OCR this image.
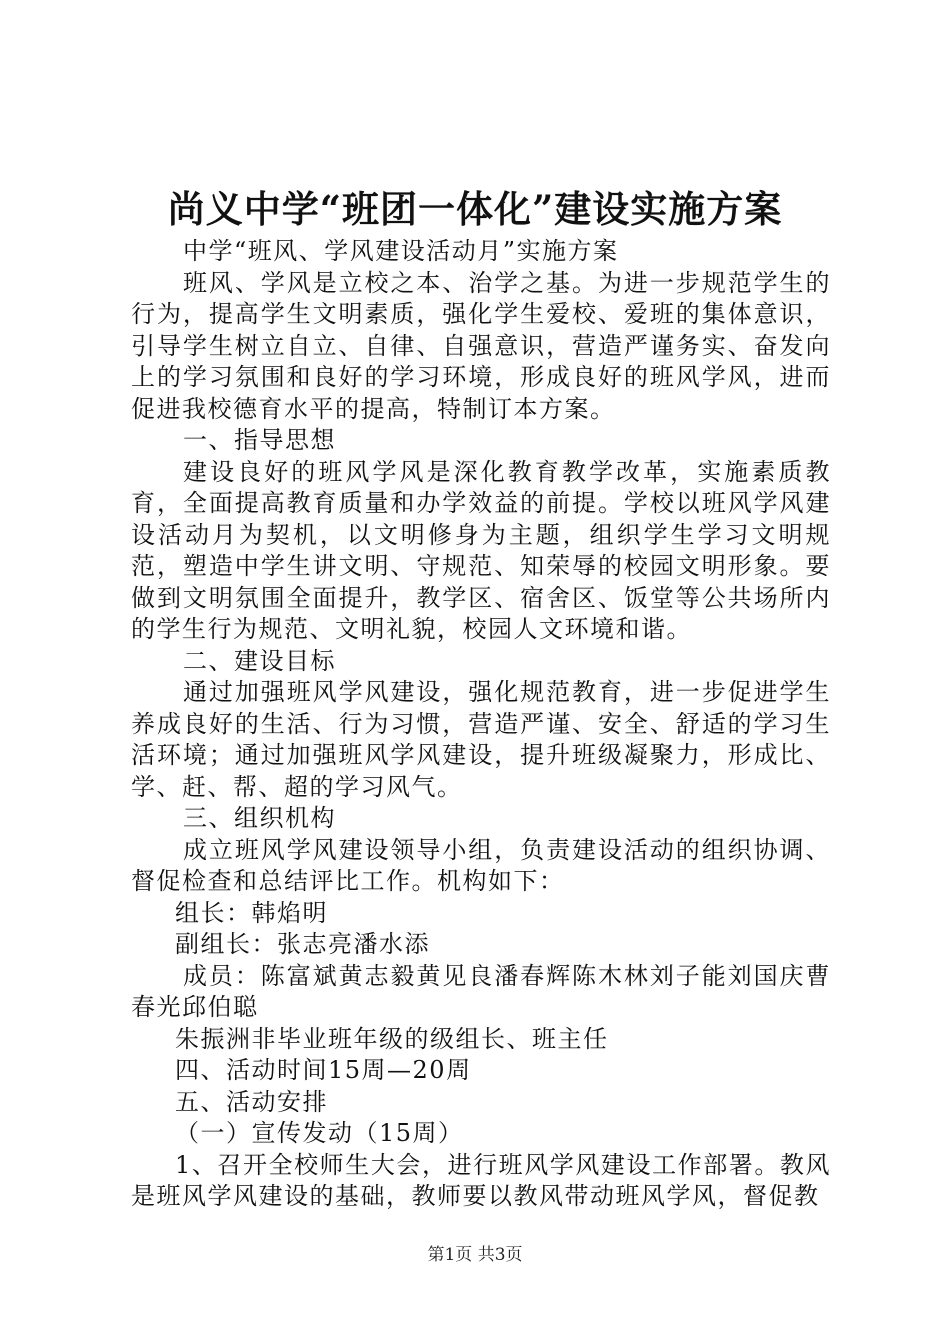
尚义中学“班团一体化”建设实施方案

中学“班风、学风建设活动月”实施方案

班风、学风是立校之本、治学之基。为进一步规范学生的行为，提高学生文明素质，强化学生爱校、爱班的集体意识，引导学生树立自立、自律、自强意识，营造严谨务实、奋发向上的学习氛围和良好的学习环境，形成良好的班风学风，进而促进我校德育水平的提高，特制订本方案。

一、指导思想

建设良好的班风学风是深化教育教学改革，实施素质教育，全面提高教育质量和办学效益的前提。学校以班风学风建设活动月为契机，以文明修身为主题，组织学生学习文明规范，塑造中学生讲文明、守规范、知荣辱的校园文明形象。要做到文明氛围全面提升，教学区、宿舍区、饭堂等公共场所内的学生行为规范、文明礼貌，校园人文环境和谐。

二、建设目标

通过加强班风学风建设，强化规范教育，进一步促进学生养成良好的生活、行为习惯，营造严谨、安全、舒适的学习生活环境；通过加强班风学风建设，提升班级凝聚力，形成比、学、赶、帮、超的学习风气。

三、组织机构

成立班风学风建设领导小组，负责建设活动的组织协调、督促检查和总结评比工作。机构如下：

组长：韩焰明

副组长：张志亮潘水添

成员：陈富斌黄志毅黄见良潘春辉陈木林刘子能刘国庆曹春光邱伯聪

朱振洲非毕业班年级的级组长、班主任

四、活动时间15周—20周

五、活动安排

（一）宣传发动（15周）

1、召开全校师生大会，进行班风学风建设工作部署。教风是班风学风建设的基础，教师要以教风带动班风学风，督促教

第1页 共3页
